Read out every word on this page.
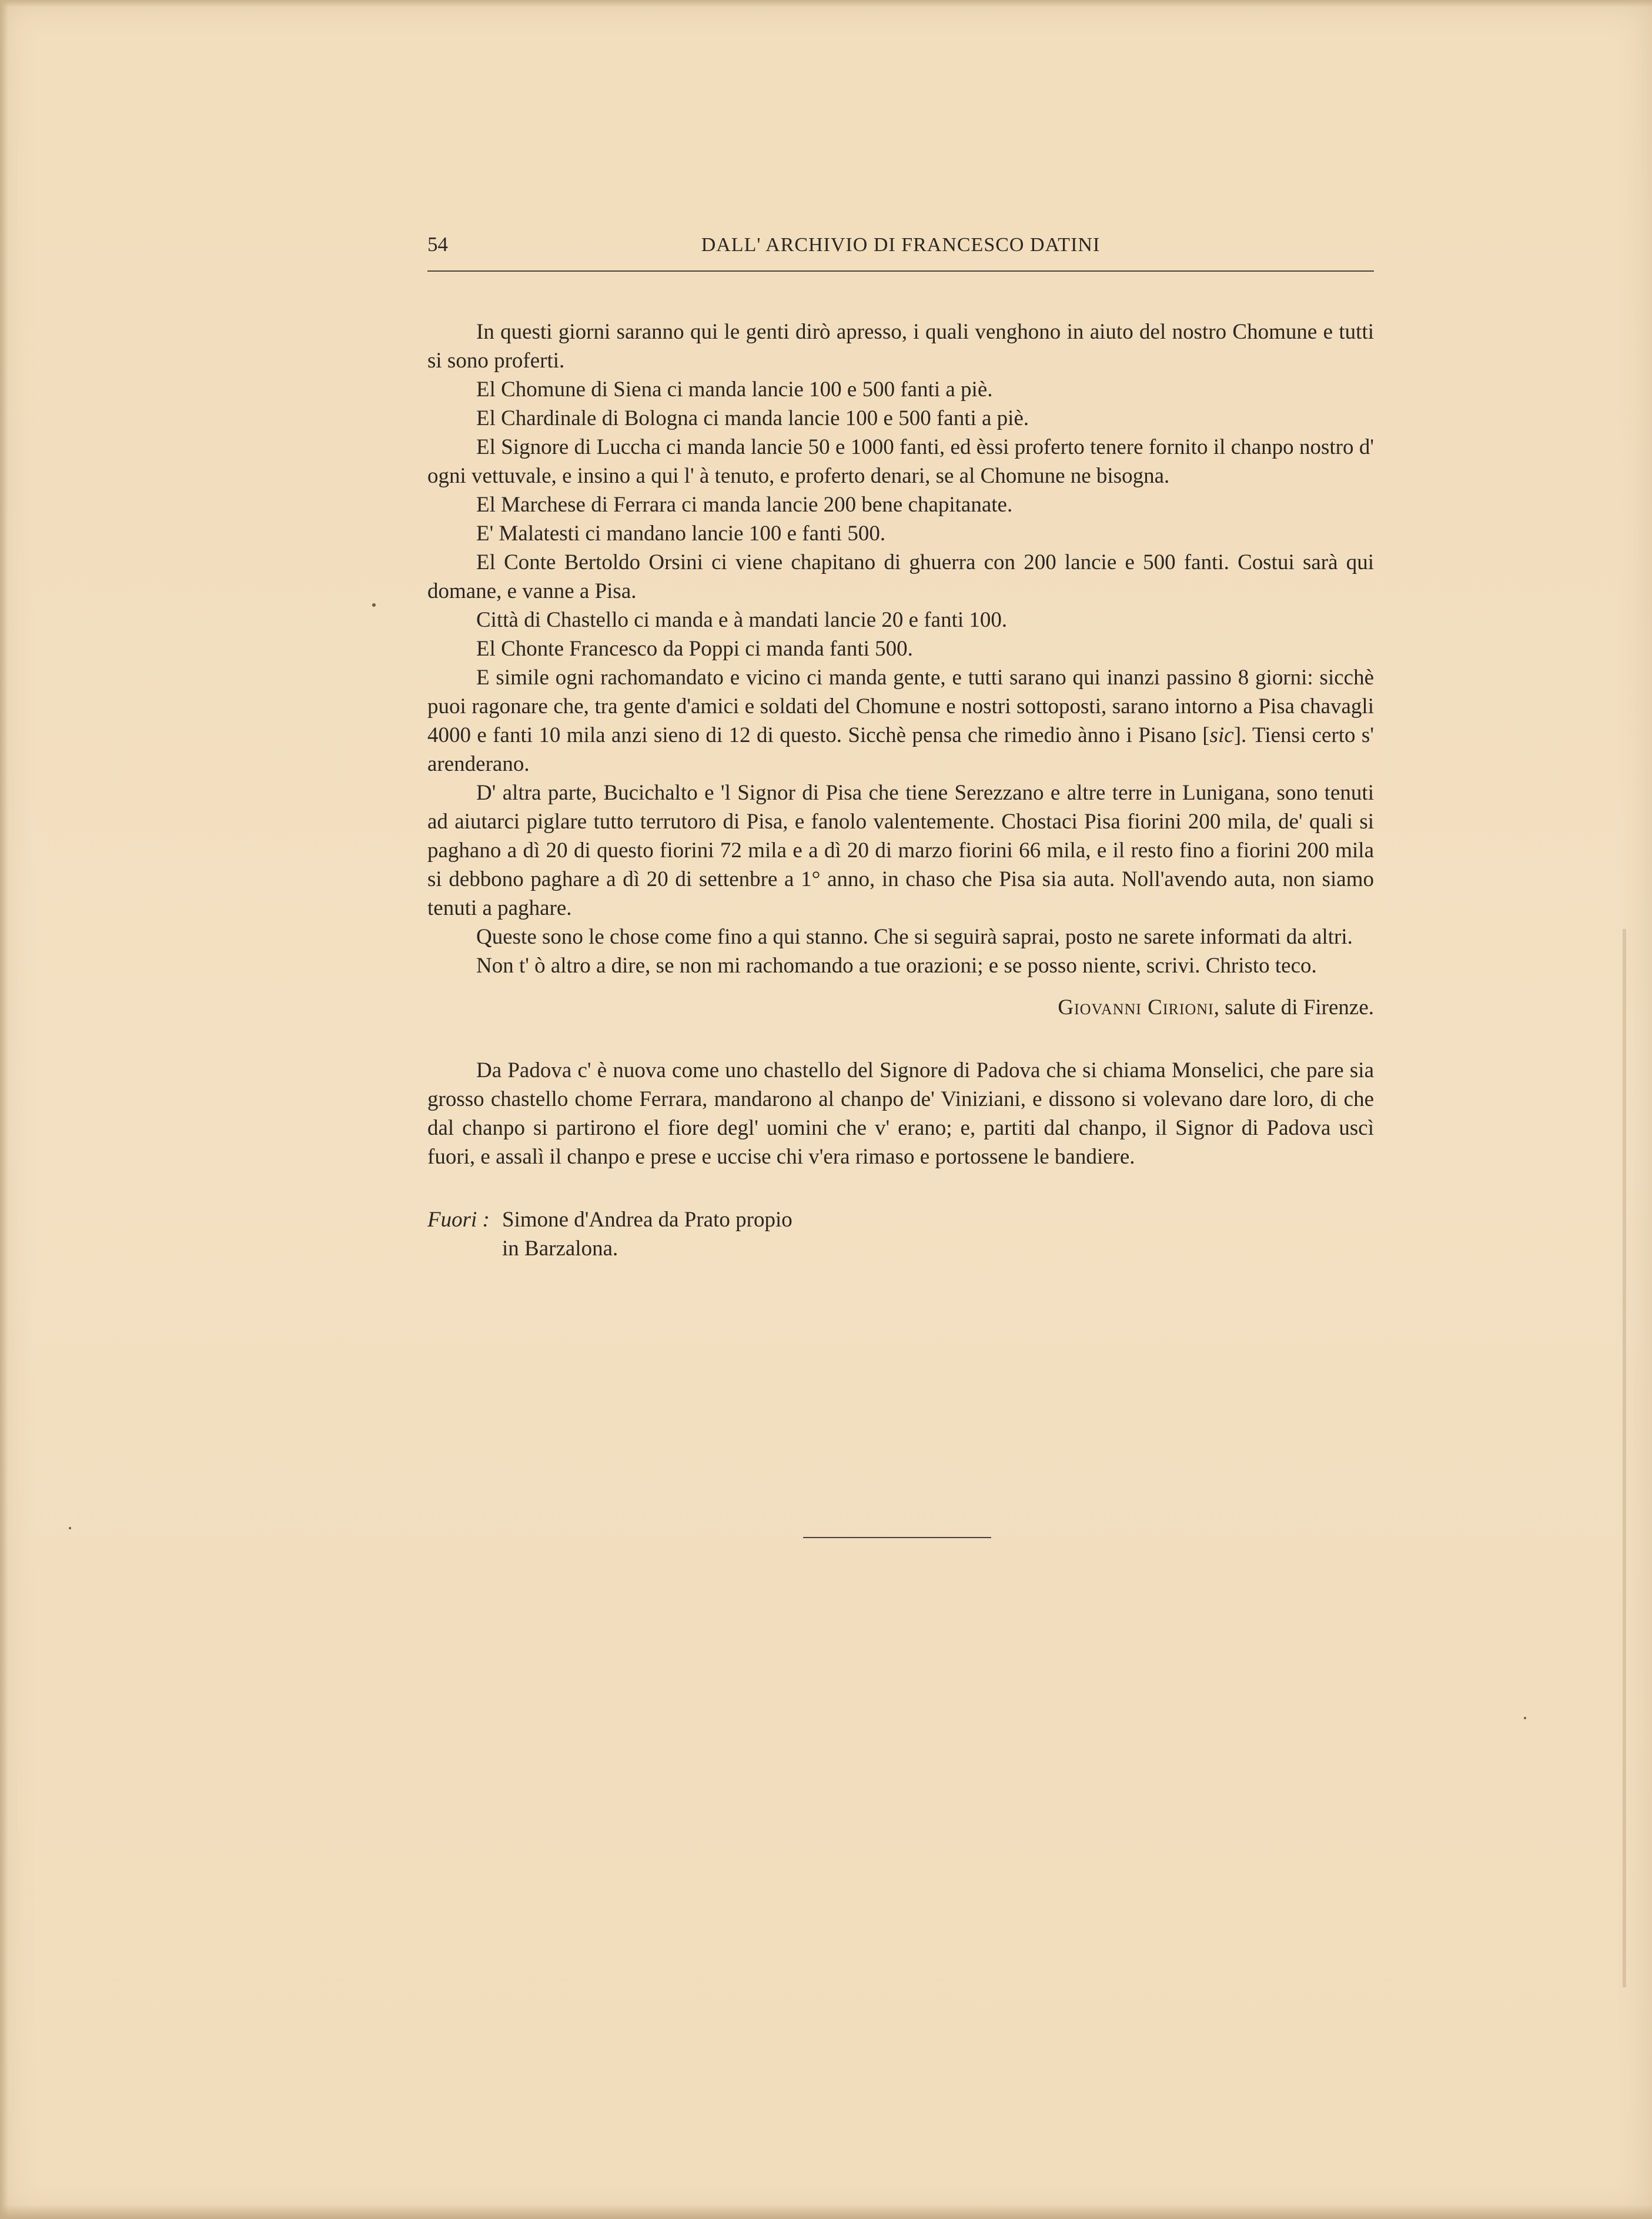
54	DALL' ARCHIVIO DI FRANCESCO DATINI

In questi giorni saranno qui le genti dirò apresso, i quali venghono in aiuto del nostro Chomune e tutti si sono proferti.

El Chomune di Siena ci manda lancie 100 e 500 fanti a piè.

El Chardinale di Bologna ci manda lancie 100 e 500 fanti a piè.

El Signore di Luccha ci manda lancie 50 e 1000 fanti, ed èssi proferto tenere fornito il chanpo nostro d' ogni vettuvale, e insino a qui l' à tenuto, e proferto denari, se al Chomune ne bisogna.

El Marchese di Ferrara ci manda lancie 200 bene chapitanate.

E' Malatesti ci mandano lancie 100 e fanti 500.

El Conte Bertoldo Orsini ci viene chapitano di ghuerra con 200 lancie e 500 fanti. Costui sarà qui domane, e vanne a Pisa.

Città di Chastello ci manda e à mandati lancie 20 e fanti 100.

El Chonte Francesco da Poppi ci manda fanti 500.

E simile ogni rachomandato e vicino ci manda gente, e tutti sarano qui inanzi passino 8 giorni: sicchè puoi ragonare che, tra gente d'amici e soldati del Chomune e nostri sottoposti, sarano intorno a Pisa chavagli 4000 e fanti 10 mila anzi sieno di 12 di questo. Sicchè pensa che rimedio ànno i Pisano [sic]. Tiensi certo s' arenderano.

D' altra parte, Bucichalto e 'l Signor di Pisa che tiene Serezzano e altre terre in Lunigana, sono tenuti ad aiutarci piglare tutto terrutoro di Pisa, e fanolo valentemente. Chostaci Pisa fiorini 200 mila, de' quali si paghano a dì 20 di questo fiorini 72 mila e a dì 20 di marzo fiorini 66 mila, e il resto fino a fiorini 200 mila si debbono paghare a dì 20 di settenbre a 1° anno, in chaso che Pisa sia auta. Noll'avendo auta, non siamo tenuti a paghare.

Queste sono le chose come fino a qui stanno. Che si seguirà saprai, posto ne sarete informati da altri.

Non t' ò altro a dire, se non mi rachomando a tue orazioni; e se posso niente, scrivi. Christo teco.

Giovanni Cirioni, salute di Firenze.

Da Padova c' è nuova come uno chastello del Signore di Padova che si chiama Monselici, che pare sia grosso chastello chome Ferrara, mandarono al chanpo de' Viniziani, e dissono si volevano dare loro, di che dal chanpo si partirono el fiore degl' uomini che v' erano; e, partiti dal chanpo, il Signor di Padova uscì fuori, e assalì il chanpo e prese e uccise chi v'era rimaso e portossene le bandiere.

Fuori : Simone d'Andrea da Prato propio
in Barzalona.
